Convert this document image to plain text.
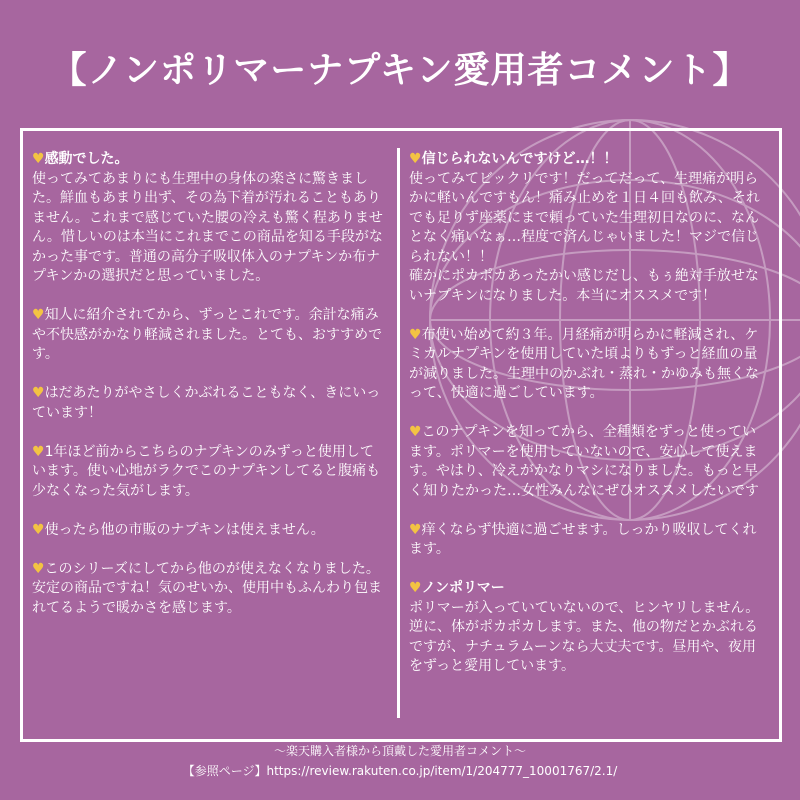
【ノンポリマーナプキン愛用者コメント】
♥感動でした。
使ってみてあまりにも生理中の身体の楽さに驚きました。鮮血もあまり出ず、その為下着が汚れることもありません。これまで感じていた腰の冷えも驚く程ありません。惜しいのは本当にこれまでこの商品を知る手段がなかった事です。普通の高分子吸収体入のナプキンか布ナプキンかの選択だと思っていました。
♥知人に紹介されてから、ずっとこれです。余計な痛みや不快感がかなり軽減されました。とても、おすすめです。
♥はだあたりがやさしくかぶれることもなく、きにいっています！
♥1年ほど前からこちらのナプキンのみずっと使用しています。使い心地がラクでこのナプキンしてると腹痛も少なくなった気がします。
♥使ったら他の市販のナプキンは使えません。
♥このシリーズにしてから他のが使えなくなりました。安定の商品ですね！気のせいか、使用中もふんわり包まれてるようで暖かさを感じます。
♥信じられないんですけど…！！
使ってみてビックリです！だってだって、生理痛が明らかに軽いんですもん！痛み止めを１日４回も飲み、それでも足りず座薬にまで頼っていた生理初日なのに、なんとなく痛いなぁ…程度で済んじゃいました！マジで信じられない！！
確かにポカポカあったかい感じだし、もぅ絶対手放せないナプキンになりました。本当にオススメです！
♥布使い始めて約３年。月経痛が明らかに軽減され、ケミカルナプキンを使用していた頃よりもずっと経血の量が減りました。生理中のかぶれ・蒸れ・かゆみも無くなって、快適に過ごしています。
♥このナプキンを知ってから、全種類をずっと使っています。ポリマーを使用していないので、安心して使えます。やはり、冷えがかなりマシになりました。もっと早く知りたかった…女性みんなにぜひオススメしたいです
♥痒くならず快適に過ごせます。しっかり吸収してくれます。
♥ノンポリマー
ポリマーが入っていていないので、ヒンヤリしません。逆に、体がポカポカします。また、他の物だとかぶれるですが、ナチュラムーンなら大丈夫です。昼用や、夜用をずっと愛用しています。
〜楽天購入者様から頂戴した愛用者コメント〜
【参照ページ】https://review.rakuten.co.jp/item/1/204777_10001767/2.1/
